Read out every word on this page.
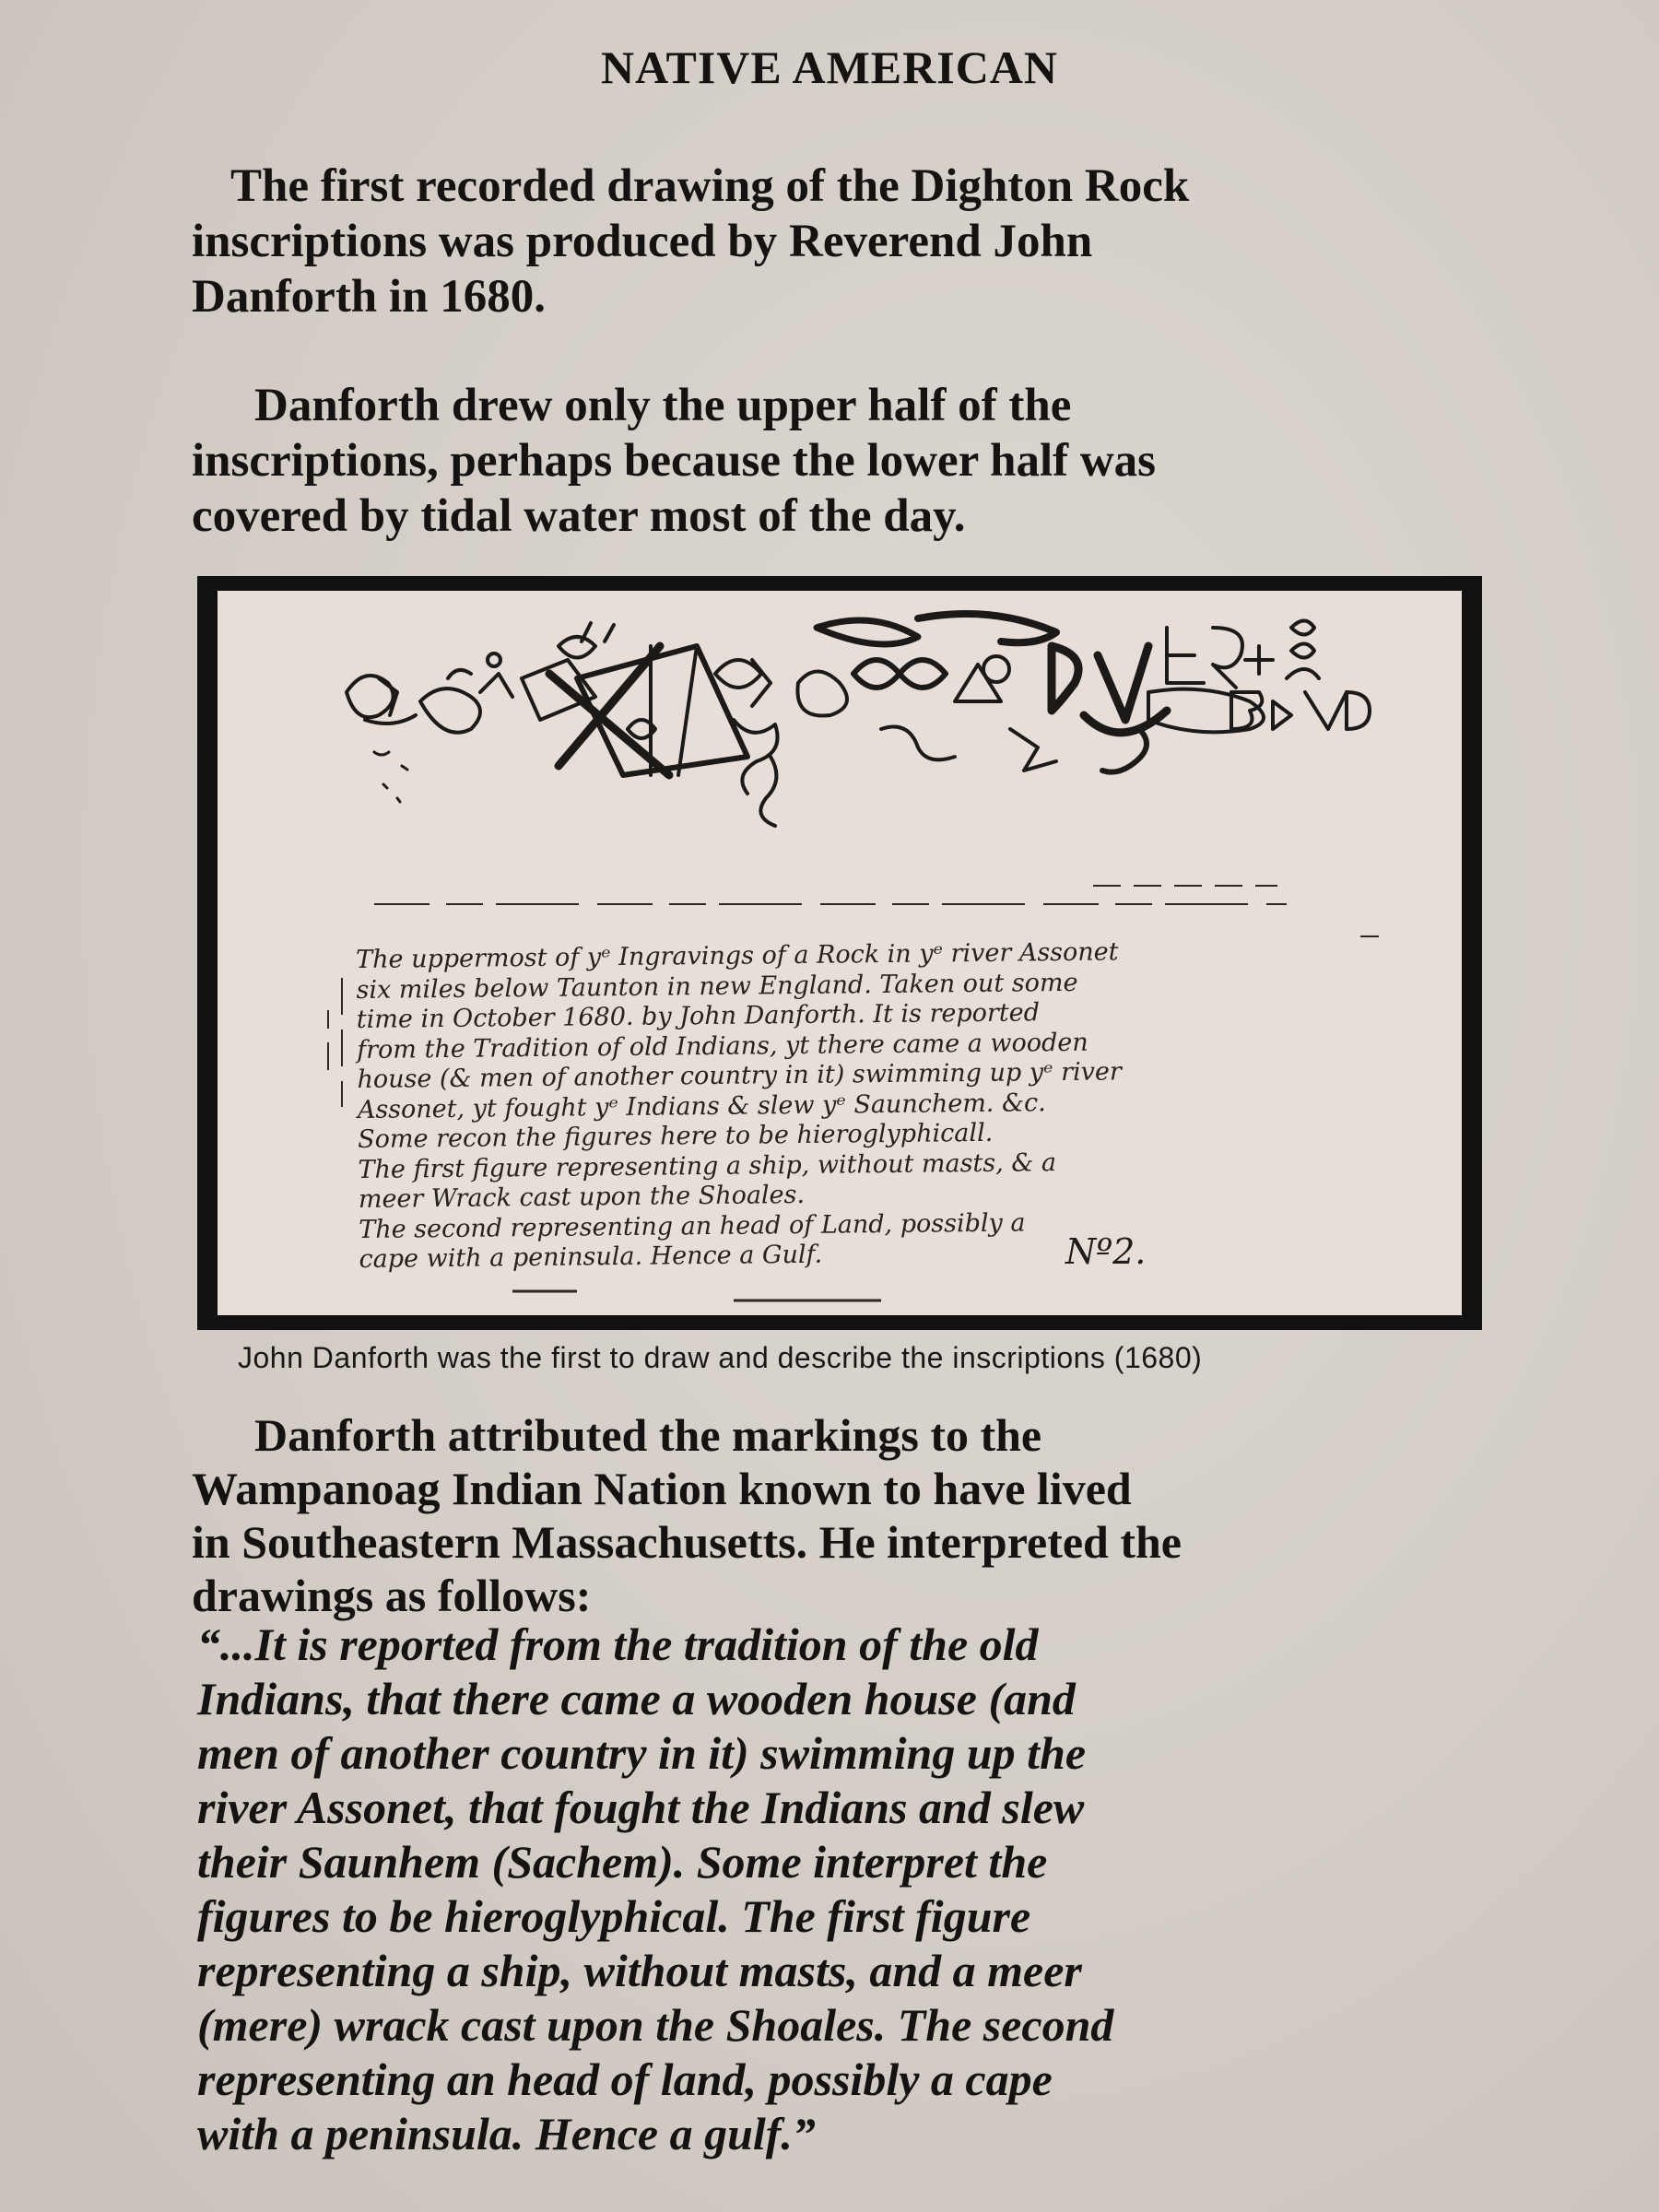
NATIVE AMERICAN

The first recorded drawing of the Dighton Rock
inscriptions was produced by Reverend John
Danforth in 1680.

Danforth drew only the upper half of the
inscriptions, perhaps because the lower half was
covered by tidal water most of the day.

The uppermost of yᵉ Ingravings of a Rock in yᵉ river Assonet
six miles below Taunton in new England. Taken out some
time in October 1680. by John Danforth. It is reported
from the Tradition of old Indians, yt there came a wooden
house (& men of another country in it) swimming up yᵉ river
Assonet, yt fought yᵉ Indians & slew yᵉ Saunchem. &c.
Some recon the figures here to be hieroglyphicall.
The first figure representing a ship, without masts, & a
meer Wrack cast upon the Shoales.
The second representing an head of Land, possibly a
cape with a peninsula. Hence a Gulf.	Nº2.
John Danforth was the first to draw and describe the inscriptions (1680)

Danforth attributed the markings to the
Wampanoag Indian Nation known to have lived
in Southeastern Massachusetts. He interpreted the
drawings as follows:

“...It is reported from the tradition of the old
Indians, that there came a wooden house (and
men of another country in it) swimming up the
river Assonet, that fought the Indians and slew
their Saunhem (Sachem). Some interpret the
figures to be hieroglyphical. The first figure
representing a ship, without masts, and a meer
(mere) wrack cast upon the Shoales. The second
representing an head of land, possibly a cape
with a peninsula. Hence a gulf.”
